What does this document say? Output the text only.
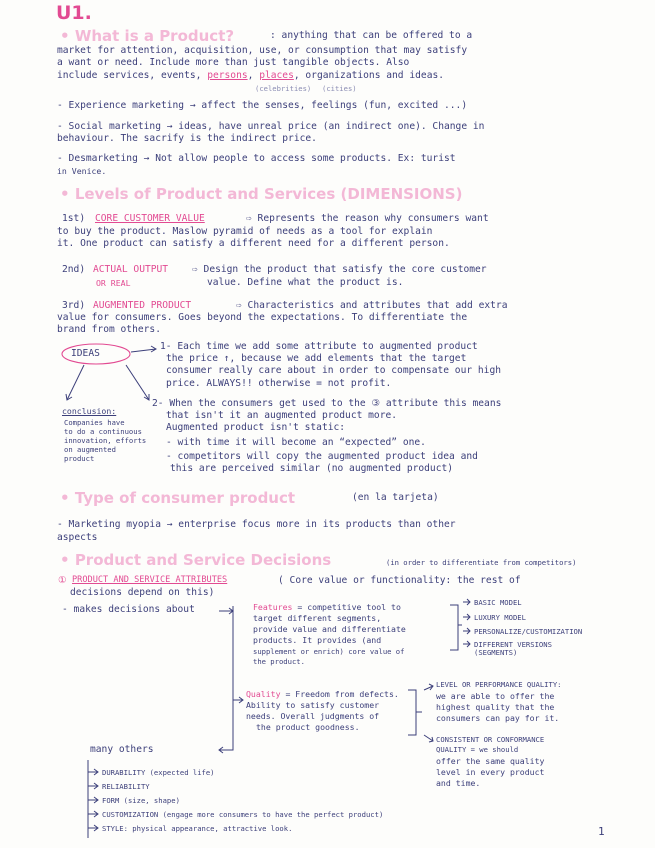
U1.
• What is a Product?	: anything that can be offered to a
market for attention, acquisition, use, or consumption that may satisfy
a want or need. Include more than just tangible objects. Also
include services, events, persons, places, organizations and ideas.
(celebrities) (cities)
- Experience marketing → affect the senses, feelings (fun, excited ...)
- Social marketing → ideas, have unreal price (an indirect one). Change in
behaviour. The sacrify is the indirect price.
- Desmarketing → Not allow people to access some products. Ex: turist
in Venice.
• Levels of Product and Services (DIMENSIONS)
1st) CORE CUSTOMER VALUE	⇨ Represents the reason why consumers want
to buy the product. Maslow pyramid of needs as a tool for explain
it. One product can satisfy a different need for a different person.
2nd) ACTUAL OUTPUT
OR REAL
⇨ Design the product that satisfy the core customer
value. Define what the product is.
3rd) AUGMENTED PRODUCT	⇨ Characteristics and attributes that add extra
value for consumers. Goes beyond the expectations. To differentiate the
brand from others.
IDEAS
1- Each time we add some attribute to augmented product
the price ↑, because we add elements that the target
consumer really care about in order to compensate our high
price. ALWAYS!! otherwise = not profit.
2- When the consumers get used to the ③ attribute this means
that isn't it an augmented product more.
Augmented product isn't static:
- with time it will become an “expected” one.
- competitors will copy the augmented product idea and
this are perceived similar (no augmented product)
conclusion:
Companies have
to do a continuous
innovation, efforts
on augmented
product
• Type of consumer product	(en la tarjeta)
- Marketing myopia → enterprise focus more in its products than other
aspects
• Product and Service Decisions	(in order to differentiate from competitors)
① PRODUCT AND SERVICE ATTRIBUTES	( Core value or functionality: the rest of
decisions depend on this)
- makes decisions about	Features = competitive tool to
target different segments,
provide value and differentiate
products. It provides (and
supplement or enrich) core value of
the product.
BASIC MODEL
LUXURY MODEL
PERSONALIZE/CUSTOMIZATION
DIFFERENT VERSIONS
(SEGMENTS)
Quality = Freedom from defects.
Ability to satisfy customer
needs. Overall judgments of
the product goodness.
LEVEL OR PERFORMANCE QUALITY:
we are able to offer the
highest quality that the
consumers can pay for it.
CONSISTENT OR CONFORMANCE
QUALITY = we should
offer the same quality
level in every product
and time.
many others
DURABILITY (expected life)
RELIABILITY
FORM (size, shape)
CUSTOMIZATION (engage more consumers to have the perfect product)
STYLE: physical appearance, attractive look.	1
